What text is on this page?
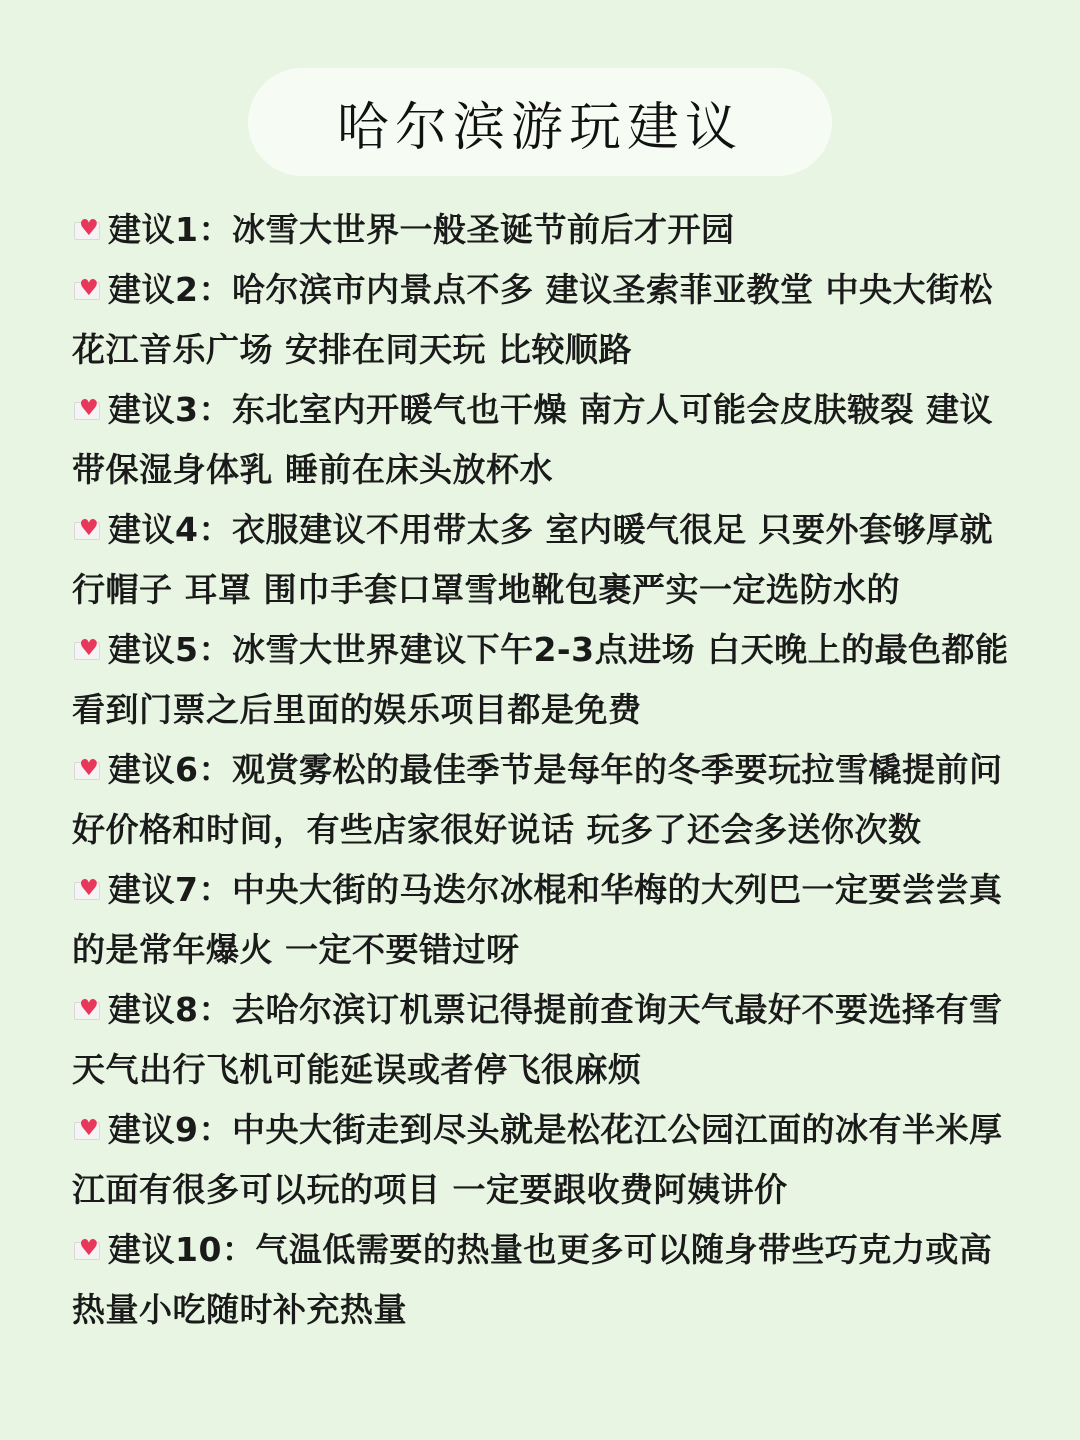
哈尔滨游玩建议

♥建议1：冰雪大世界一般圣诞节前后才开园

♥建议2：哈尔滨市内景点不多 建议圣索菲亚教堂 中央大街松花江音乐广场 安排在同天玩 比较顺路

♥建议3：东北室内开暖气也干燥 南方人可能会皮肤皲裂 建议带保湿身体乳 睡前在床头放杯水

♥建议4：衣服建议不用带太多 室内暖气很足 只要外套够厚就行帽子 耳罩 围巾手套口罩雪地靴包裹严实一定选防水的

♥建议5：冰雪大世界建议下午2-3点进场 白天晚上的最色都能看到门票之后里面的娱乐项目都是免费

♥建议6：观赏雾松的最佳季节是每年的冬季要玩拉雪橇提前问好价格和时间，有些店家很好说话 玩多了还会多送你次数

♥建议7：中央大街的马迭尔冰棍和华梅的大列巴一定要尝尝真的是常年爆火 一定不要错过呀

♥建议8：去哈尔滨订机票记得提前查询天气最好不要选择有雪天气出行飞机可能延误或者停飞很麻烦

♥建议9：中央大街走到尽头就是松花江公园江面的冰有半米厚江面有很多可以玩的项目 一定要跟收费阿姨讲价

♥建议10：气温低需要的热量也更多可以随身带些巧克力或高热量小吃随时补充热量
